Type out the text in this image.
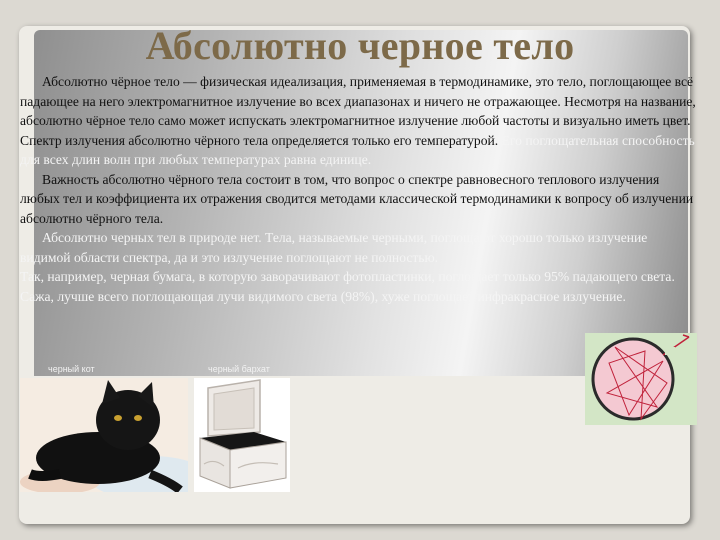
Абсолютно черное тело

Абсолютно чёрное тело — физическая идеализация, применяемая в термодинамике, это тело, поглощающее всё падающее на него электромагнитное излучение во всех диапазонах и ничего не отражающее. Несмотря на название, абсолютно чёрное тело само может испускать электромагнитное излучение любой частоты и визуально иметь цвет. Спектр излучения абсолютно чёрного тела определяется только его температурой. Его поглощательная способность для всех длин волн при любых температурах равна единице.

Важность абсолютно чёрного тела состоит в том, что вопрос о спектре равновесного теплового излучения любых тел и коэффициента их отражения сводится методами классической термодинамики к вопросу об излучении абсолютно чёрного тела.

Абсолютно черных тел в природе нет. Тела, называемые черными, поглощают хорошо только излучение видимой области спектра, да и это излучение поглощают не полностью.

Так, например, черная бумага, в которую заворачивают фотопластинки, поглощает только 95% падающего света. Сажа, лучше всего поглощающая лучи видимого света (98%), хуже поглощает инфракрасное излучение.

черный кот	черный бархат
